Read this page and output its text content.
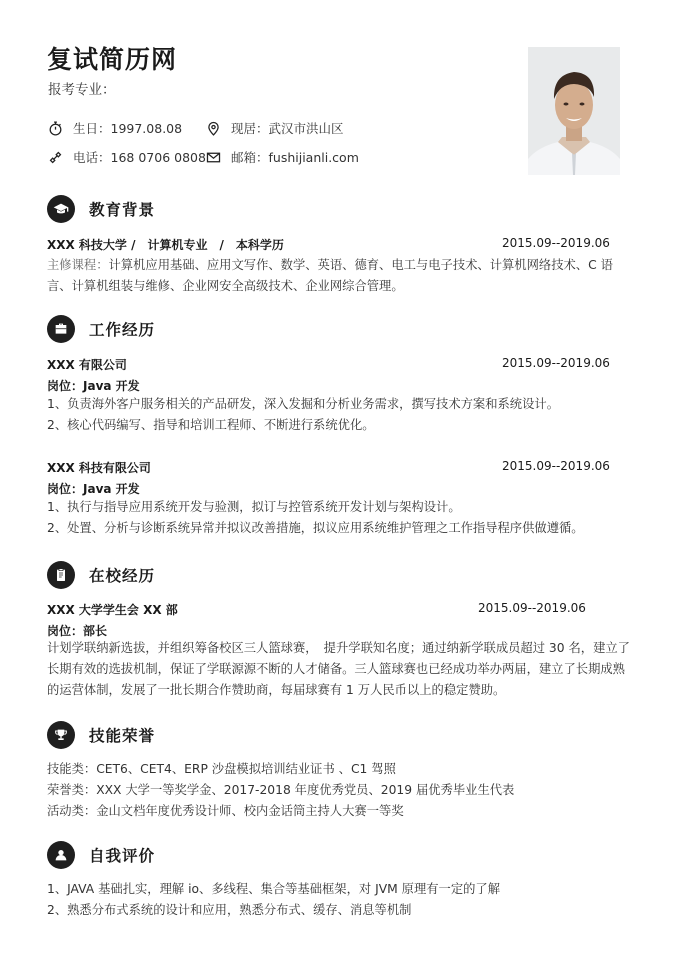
复试简历网
报考专业：
生日：1997.08.08	现居：武汉市洪山区
电话：168 0706 0808 邮箱：fushijianli.com
教育背景
XXX 科技大学 /　计算机专业　/　本科学历	2015.09--2019.06
主修课程：计算机应用基础、应用文写作、数学、英语、德育、电工与电子技术、计算机网络技术、C 语
言、计算机组装与维修、企业网安全高级技术、企业网综合管理。
工作经历
XXX 有限公司	2015.09--2019.06
岗位：Java 开发
1、负责海外客户服务相关的产品研发，深入发掘和分析业务需求，撰写技术方案和系统设计。
2、核心代码编写、指导和培训工程师、不断进行系统优化。
XXX 科技有限公司	2015.09--2019.06
岗位：Java 开发
1、执行与指导应用系统开发与验测，拟订与控管系统开发计划与架构设计。
2、处置、分析与诊断系统异常并拟议改善措施，拟议应用系统维护管理之工作指导程序供做遵循。
在校经历
XXX 大学学生会 XX 部	2015.09--2019.06
岗位：部长
计划学联纳新选拔，并组织筹备校区三人篮球赛，　提升学联知名度；通过纳新学联成员超过 30 名，建立了
长期有效的选拔机制，保证了学联源源不断的人才储备。三人篮球赛也已经成功举办两届，建立了长期成熟
的运营体制，发展了一批长期合作赞助商，每届球赛有 1 万人民币以上的稳定赞助。
技能荣誉
技能类：CET6、CET4、ERP 沙盘模拟培训结业证书 、C1 驾照
荣誉类：XXX 大学一等奖学金、2017-2018 年度优秀党员、2019 届优秀毕业生代表
活动类：金山文档年度优秀设计师、校内金话筒主持人大赛一等奖
自我评价
1、JAVA 基础扎实，理解 io、多线程、集合等基础框架，对 JVM 原理有一定的了解
2、熟悉分布式系统的设计和应用，熟悉分布式、缓存、消息等机制
